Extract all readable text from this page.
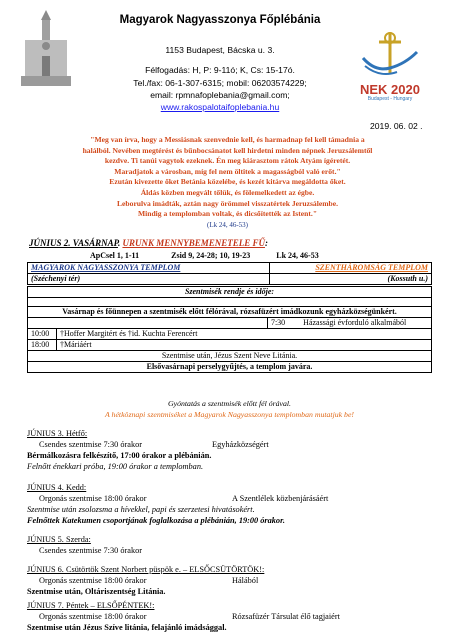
NEK 2020
Budapest - Hungary
Magyarok Nagyasszonya Főplébánia
1153 Budapest, Bácska u. 3.
Félfogadás: H, P: 9-11ó; K, Cs: 15-17ó.
Tel./fax: 06-1-307-6315; mobil: 06203574229;
email: rpmnafoplebania@gmail.com;
www.rakospalotaifoplebania.hu
2019. 06. 02 .
"Meg van írva, hogy a Messiásnak szenvednie kell, és harmadnap fel kell támadnia a
halálból. Nevében megtérést és bűnbocsánatot kell hirdetni minden népnek Jeruzsálemtől
kezdve. Ti tanúi vagytok ezeknek. Én meg kiárasztom rátok Atyám ígéretét.
Maradjatok a városban, míg fel nem öltitek a magasságból való erőt."
Ezután kivezette őket Betánia közelébe, és kezét kitárva megáldotta őket.
Áldás közben megvált tőlük, és fölemelkedett az égbe.
Leborulva imádták, aztán nagy örömmel visszatértek Jeruzsálembe.
Mindig a templomban voltak, és dicsőítették az Istent."
(Lk 24, 46-53)
JÚNIUS 2. VASÁRNAP. URUNK MENNYBEMENETELE FŰ:
ApCsel 1, 1-11	Zsid 9, 24-28; 10, 19-23	Lk 24, 46-53
MAGYAROK NAGYASSZONYA TEMPLOM	SZENTHÁROMSÁG TEMPLOM
(Széchenyi tér)	(Kossuth u.)
Szentmisék rendje és idője:		

Vasárnap és főünnepen a szentmisék előtt félórával, rózsafüzért imádkozunk egyházközségünkért.		
		7:30 Házassági évforduló alkalmából
10:00	†Hoffer Margitért és †id. Kuchta Ferencért	
18:00	†Máriáért	
Szentmise után, Jézus Szent Neve Litánia.		
Elsővasárnapi perselygyűjtés, a templom javára.		
Gyóntatás a szentmisék előtt fél órával.
A hétköznapi szentmiséket a Magyarok Nagyasszonya templomban mutatjuk be!
JÚNIUS 3. Hétfő:
Csendes szentmise 7:30 órakor	Egyházközségért
Bérmálkozásra felkészítő, 17:00 órakor a plébánián.
Felnőtt énekkari próba, 19:00 órakor a templomban.
JÚNIUS 4. Kedd:
Orgonás szentmise 18:00 órakor	A Szentlélek közbenjárásáért
Szentmise után zsolozsma a hívekkel, papi és szerzetesi hivatásokért.
Felnőttek Katekumen csoportjának foglalkozása a plébánián, 19:00 órakor.
JÚNIUS 5. Szerda:
Csendes szentmise 7:30 órakor
JÚNIUS 6. Csütörtök Szent Norbert püspök e. – ELSŐCSÜTÖRTÖK!:
Orgonás szentmise 18:00 órakor	Hálából
Szentmise után, Oltáriszentség Litánia.
JÚNIUS 7. Péntek – ELSŐPÉNTEK!:
Orgonás szentmise 18:00 órakor	Rózsafüzér Társulat élő tagjaiért
Szentmise után Jézus Szíve litánia, felajánló imádsággal.
